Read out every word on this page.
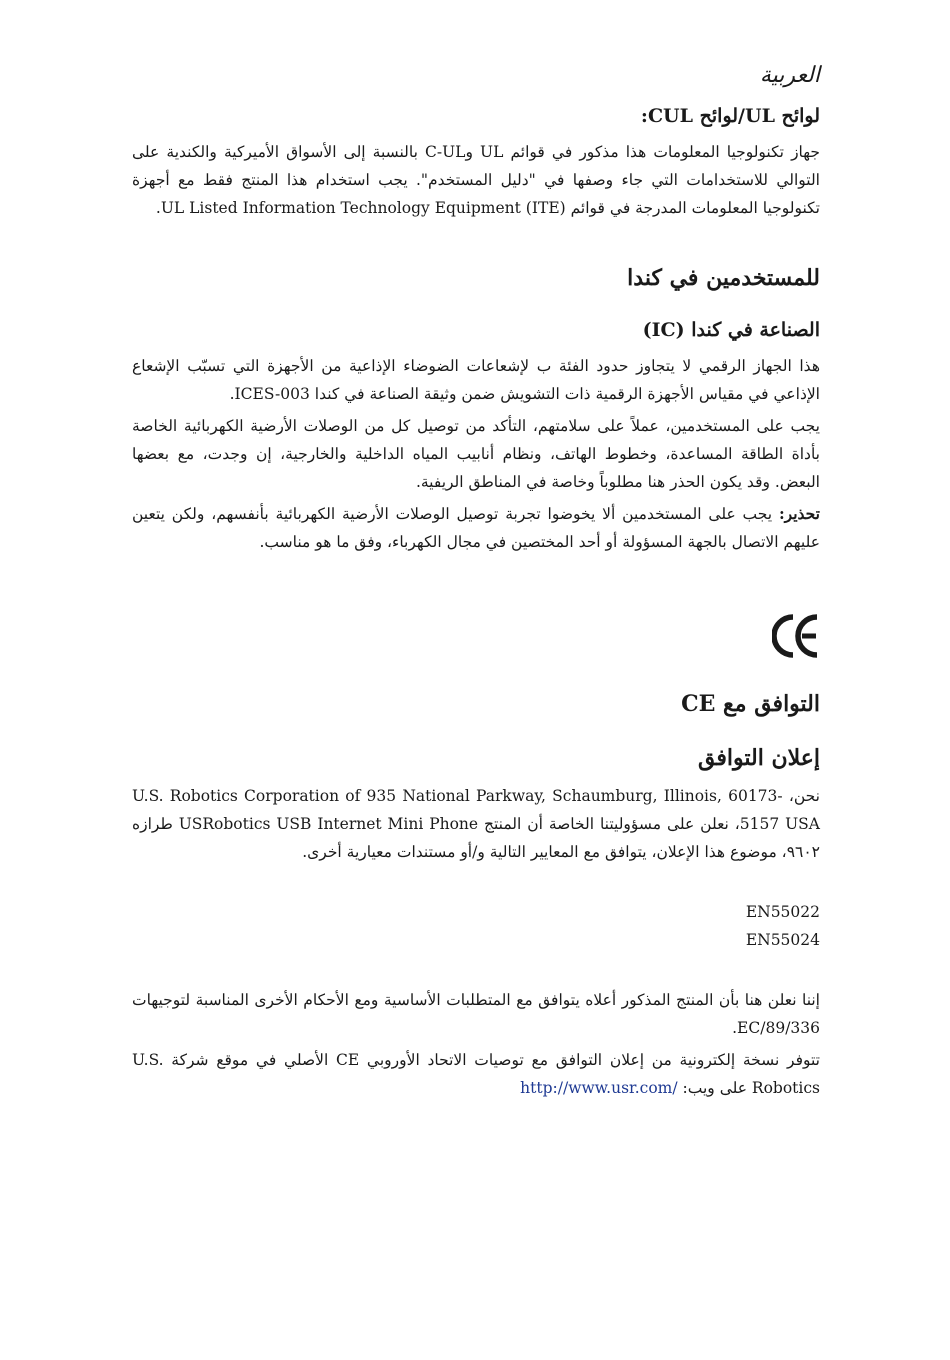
العربية
لوائح UL/لوائح CUL:

جهاز تكنولوجيا المعلومات هذا مذكور في قوائم UL وC-UL بالنسبة إلى الأسواق الأميركية والكندية على التوالي للاستخدامات التي جاء وصفها في "دليل المستخدم". يجب استخدام هذا المنتج فقط مع أجهزة تكنولوجيا المعلومات المدرجة في قوائم UL Listed Information Technology Equipment (ITE).

للمستخدمين في كندا
الصناعة في كندا (IC)

هذا الجهاز الرقمي لا يتجاوز حدود الفئة ب لإشعاعات الضوضاء الإذاعية من الأجهزة التي تسبّب الإشعاع الإذاعي في مقياس الأجهزة الرقمية ذات التشويش ضمن وثيقة الصناعة في كندا ICES-003.

يجب على المستخدمين، عملاً على سلامتهم، التأكد من توصيل كل من الوصلات الأرضية الكهربائية الخاصة بأداة الطاقة المساعدة، وخطوط الهاتف، ونظام أنابيب المياه الداخلية والخارجية، إن وجدت، مع بعضها البعض. وقد يكون الحذر هنا مطلوباً وخاصة في المناطق الريفية.

تحذير: يجب على المستخدمين ألا يخوضوا تجربة توصيل الوصلات الأرضية الكهربائية بأنفسهم، ولكن يتعين عليهم الاتصال بالجهة المسؤولة أو أحد المختصين في مجال الكهرباء، وفق ما هو مناسب.

التوافق مع CE
إعلان التوافق

نحن، U.S. Robotics Corporation of 935 National Parkway, Schaumburg, Illinois, 60173-5157 USA، نعلن على مسؤوليتنا الخاصة أن المنتج USRobotics USB Internet Mini Phone طرازه ٩٦٠٢، موضوع هذا الإعلان، يتوافق مع المعايير التالية و/أو مستندات معيارية أخرى.

EN55022
EN55024

إننا نعلن هنا بأن المنتج المذكور أعلاه يتوافق مع المتطلبات الأساسية ومع الأحكام الأخرى المناسبة لتوجيهات 89/336/EC.

تتوفر نسخة إلكترونية من إعلان التوافق مع توصيات الاتحاد الأوروبي CE الأصلي في موقع شركة U.S. Robotics على ويب: http://www.usr.com/
